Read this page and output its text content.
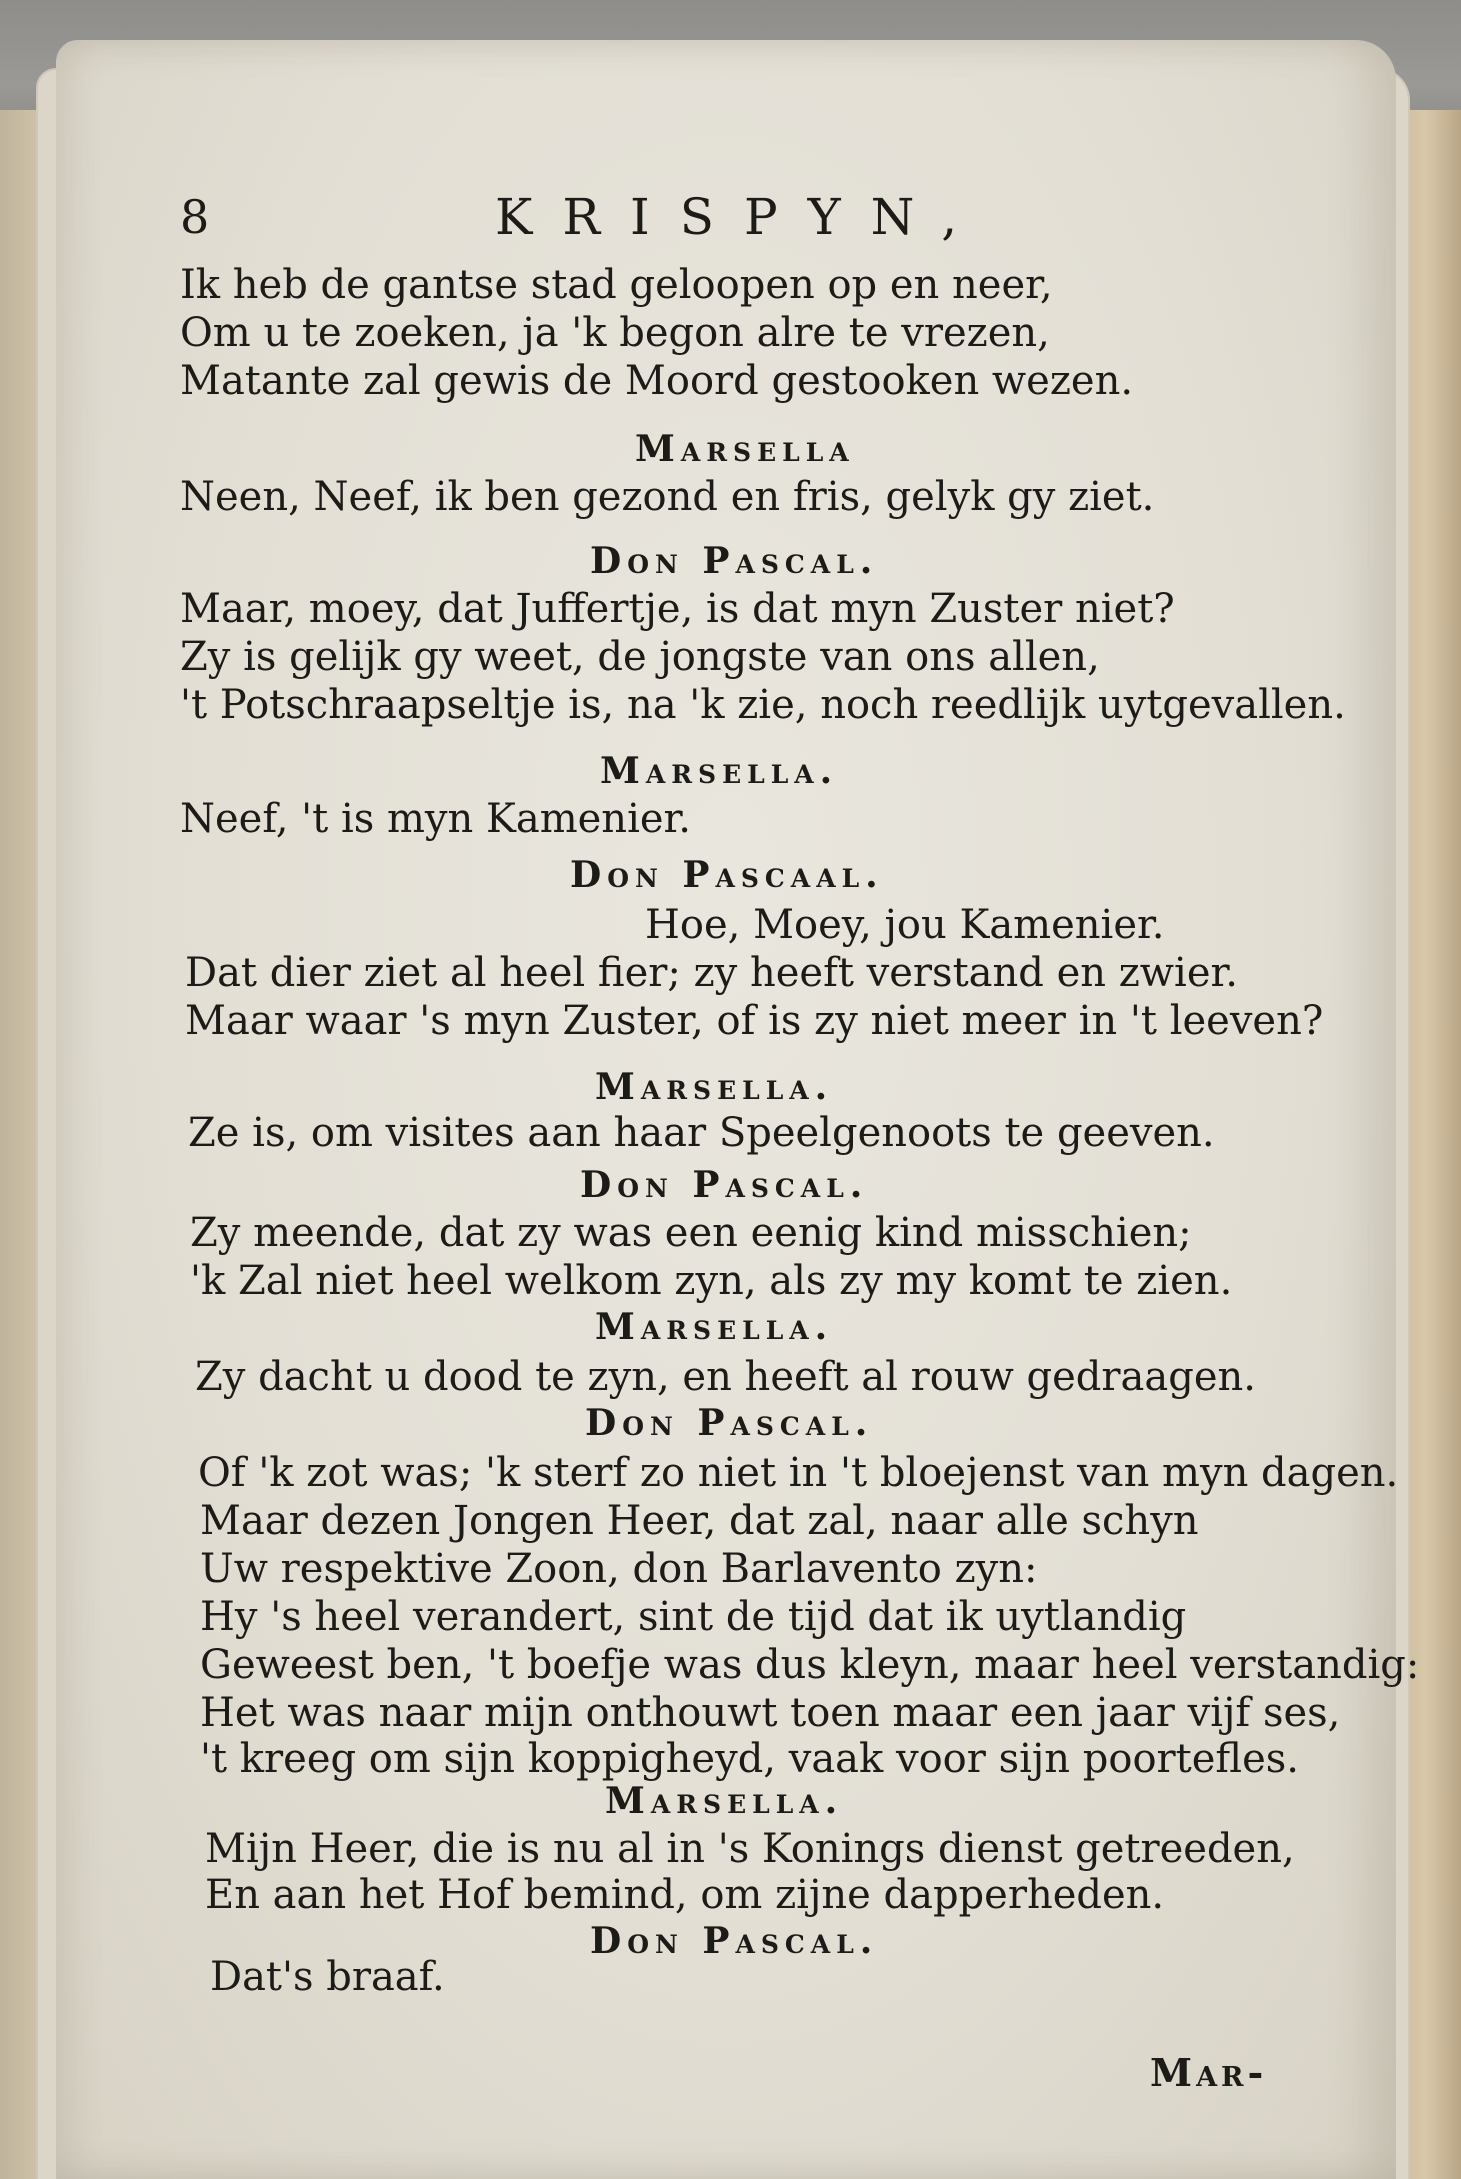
8	KRISPYN,
Ik heb de gantse stad geloopen op en neer,
Om u te zoeken, ja 'k begon alre te vrezen,
Matante zal gewis de Moord gestooken wezen.
Marsella
Neen, Neef, ik ben gezond en fris, gelyk gy ziet.
Don Pascal.
Maar, moey, dat Juffertje, is dat myn Zuster niet?
Zy is gelijk gy weet, de jongste van ons allen,
't Potschraapseltje is, na 'k zie, noch reedlijk uytgevallen.
Marsella.
Neef, 't is myn Kamenier.
Don Pascaal.
Hoe, Moey, jou Kamenier.
Dat dier ziet al heel fier; zy heeft verstand en zwier.
Maar waar 's myn Zuster, of is zy niet meer in 't leeven?
Marsella.
Ze is, om visites aan haar Speelgenoots te geeven.
Don Pascal.
Zy meende, dat zy was een eenig kind misschien;
'k Zal niet heel welkom zyn, als zy my komt te zien.
Marsella.
Zy dacht u dood te zyn, en heeft al rouw gedraagen.
Don Pascal.
Of 'k zot was; 'k sterf zo niet in 't bloejenst van myn dagen.
Maar dezen Jongen Heer, dat zal, naar alle schyn
Uw respektive Zoon, don Barlavento zyn:
Hy 's heel verandert, sint de tijd dat ik uytlandig
Geweest ben, 't boefje was dus kleyn, maar heel verstandig:
Het was naar mijn onthouwt toen maar een jaar vijf ses,
't kreeg om sijn koppigheyd, vaak voor sijn poortefles.
Marsella.
Mijn Heer, die is nu al in 's Konings dienst getreeden,
En aan het Hof bemind, om zijne dapperheden.
Don Pascal.
Dat's braaf.
Mar-
